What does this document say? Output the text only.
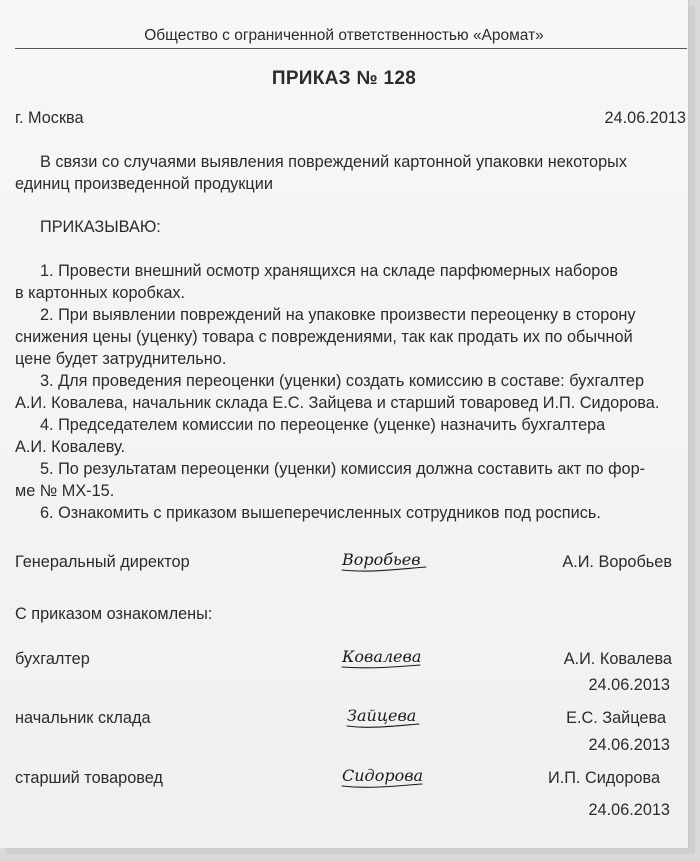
Общество с ограниченной ответственностью «Аромат»
ПРИКАЗ № 128
г. Москва	24.06.2013
В связи со случаями выявления повреждений картонной упаковки некоторых
единиц произведенной продукции
ПРИКАЗЫВАЮ:
1. Провести внешний осмотр хранящихся на складе парфюмерных наборов
в картонных коробках.
2. При выявлении повреждений на упаковке произвести переоценку в сторону
снижения цены (уценку) товара с повреждениями, так как продать их по обычной
цене будет затруднительно.
3. Для проведения переоценки (уценки) создать комиссию в составе: бухгалтер
А.И. Ковалева, начальник склада Е.С. Зайцева и старший товаровед И.П. Сидорова.
4. Председателем комиссии по переоценке (уценке) назначить бухгалтера
А.И. Ковалеву.
5. По результатам переоценки (уценки) комиссия должна составить акт по фор-
ме № МХ-15.
6. Ознакомить с приказом вышеперечисленных сотрудников под роспись.
Генеральный директор	Воробьев	А.И. Воробьев
С приказом ознакомлены:
бухгалтер	Ковалева	А.И. Ковалева
24.06.2013
начальник склада	Зайцева	Е.С. Зайцева
24.06.2013
старший товаровед	Сидорова	И.П. Сидорова
24.06.2013
